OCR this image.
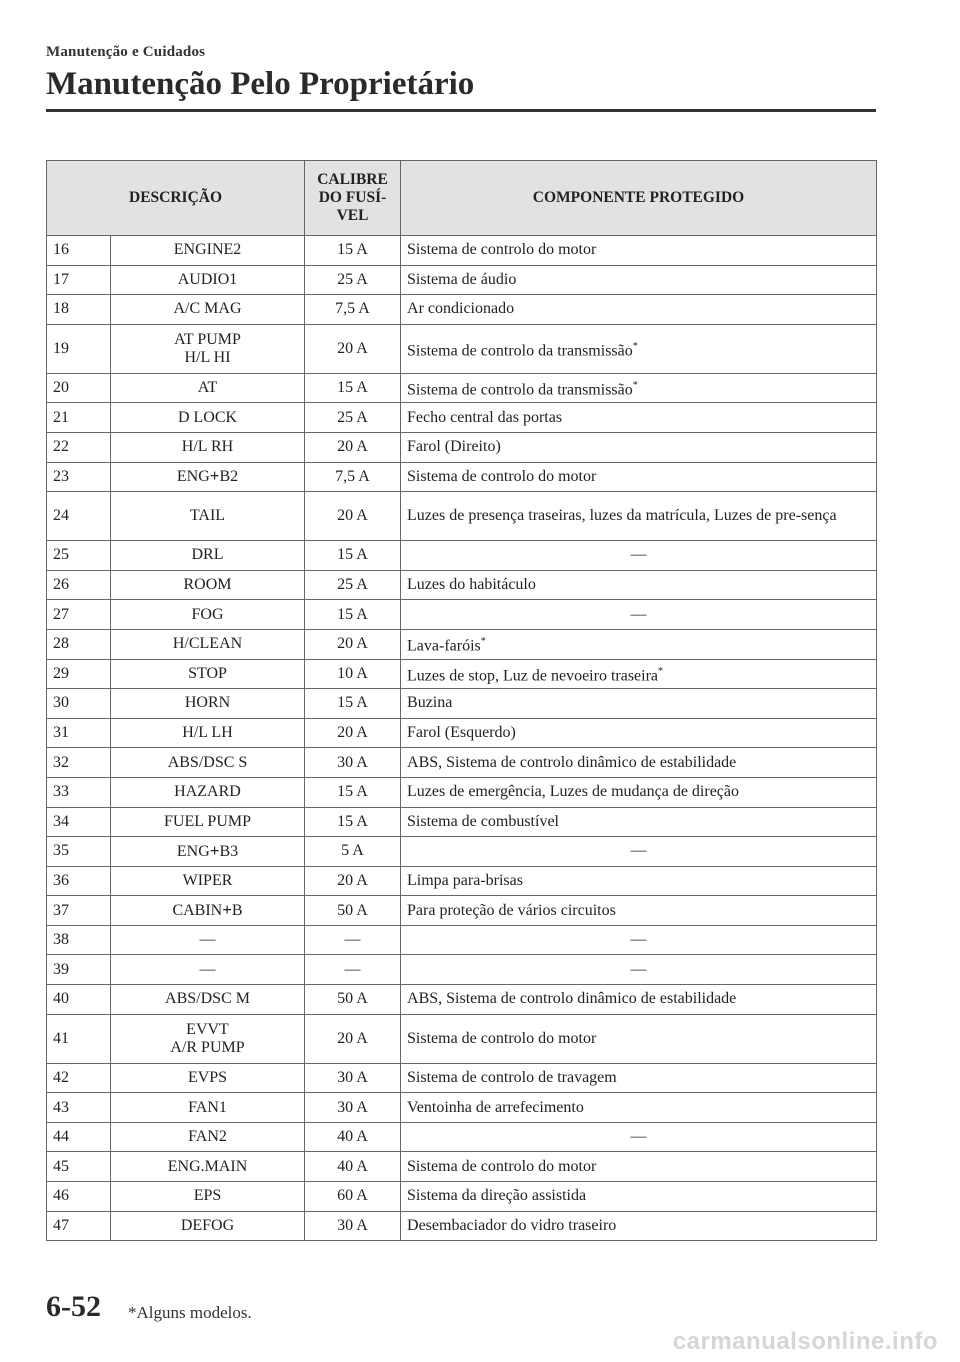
Manutenção e Cuidados
Manutenção Pelo Proprietário
DESCRIÇÃO		CALIBRE
DO FUSÍ-
VEL	COMPONENTE PROTEGIDO
16	ENGINE2	15 A	Sistema de controlo do motor
17	AUDIO1	25 A	Sistema de áudio
18	A/C MAG	7,5 A	Ar condicionado
19	AT PUMP
H/L HI	20 A	Sistema de controlo da transmissão*
20	AT	15 A	Sistema de controlo da transmissão*
21	D LOCK	25 A	Fecho central das portas
22	H/L RH	20 A	Farol (Direito)
23	ENG+B2	7,5 A	Sistema de controlo do motor
24	TAIL	20 A	Luzes de presença traseiras, luzes da matrícula, Luzes de pre-sença
25	DRL	15 A	—
26	ROOM	25 A	Luzes do habitáculo
27	FOG	15 A	—
28	H/CLEAN	20 A	Lava-faróis*
29	STOP	10 A	Luzes de stop, Luz de nevoeiro traseira*
30	HORN	15 A	Buzina
31	H/L LH	20 A	Farol (Esquerdo)
32	ABS/DSC S	30 A	ABS, Sistema de controlo dinâmico de estabilidade
33	HAZARD	15 A	Luzes de emergência, Luzes de mudança de direção
34	FUEL PUMP	15 A	Sistema de combustível
35	ENG+B3	5 A	—
36	WIPER	20 A	Limpa para-brisas
37	CABIN+B	50 A	Para proteção de vários circuitos
38	—	—	—
39	—	—	—
40	ABS/DSC M	50 A	ABS, Sistema de controlo dinâmico de estabilidade
41	EVVT
A/R PUMP	20 A	Sistema de controlo do motor
42	EVPS	30 A	Sistema de controlo de travagem
43	FAN1	30 A	Ventoinha de arrefecimento
44	FAN2	40 A	—
45	ENG.MAIN	40 A	Sistema de controlo do motor
46	EPS	60 A	Sistema da direção assistida
47	DEFOG	30 A	Desembaciador do vidro traseiro
6-52 *Alguns modelos.
carmanualsonline.info
